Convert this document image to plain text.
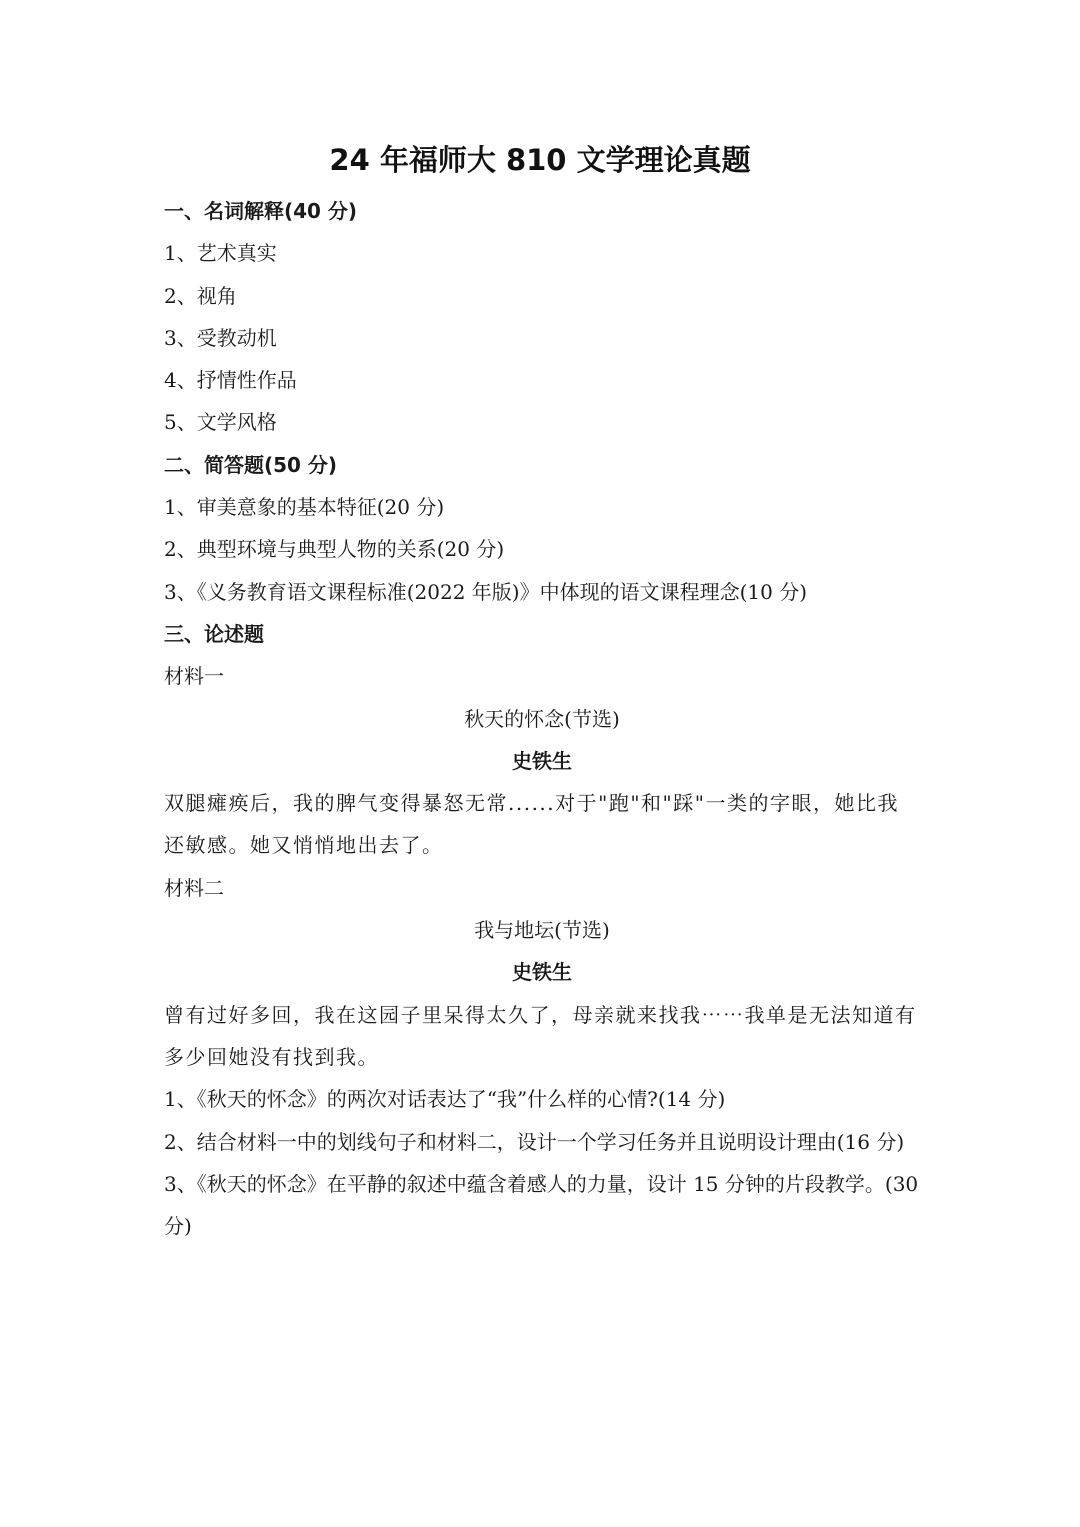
24 年福师大 810 文学理论真题
一、名词解释(40 分)
1、艺术真实
2、视角
3、受教动机
4、抒情性作品
5、文学风格
二、简答题(50 分)
1、审美意象的基本特征(20 分)
2、典型环境与典型人物的关系(20 分)
3、《义务教育语文课程标准(2022 年版)》中体现的语文课程理念(10 分)
三、论述题
材料一
秋天的怀念(节选)
史铁生
双腿瘫痪后，我的脾气变得暴怒无常......对于"跑"和"踩"一类的字眼，她比我还敏感。她又悄悄地出去了。
材料二
我与地坛(节选)
史铁生
曾有过好多回，我在这园子里呆得太久了，母亲就来找我⋯⋯我单是无法知道有多少回她没有找到我。
1、《秋天的怀念》的两次对话表达了“我”什么样的心情?(14 分)
2、结合材料一中的划线句子和材料二，设计一个学习任务并且说明设计理由(16 分)
3、《秋天的怀念》在平静的叙述中蕴含着感人的力量，设计 15 分钟的片段教学。(30 分)
